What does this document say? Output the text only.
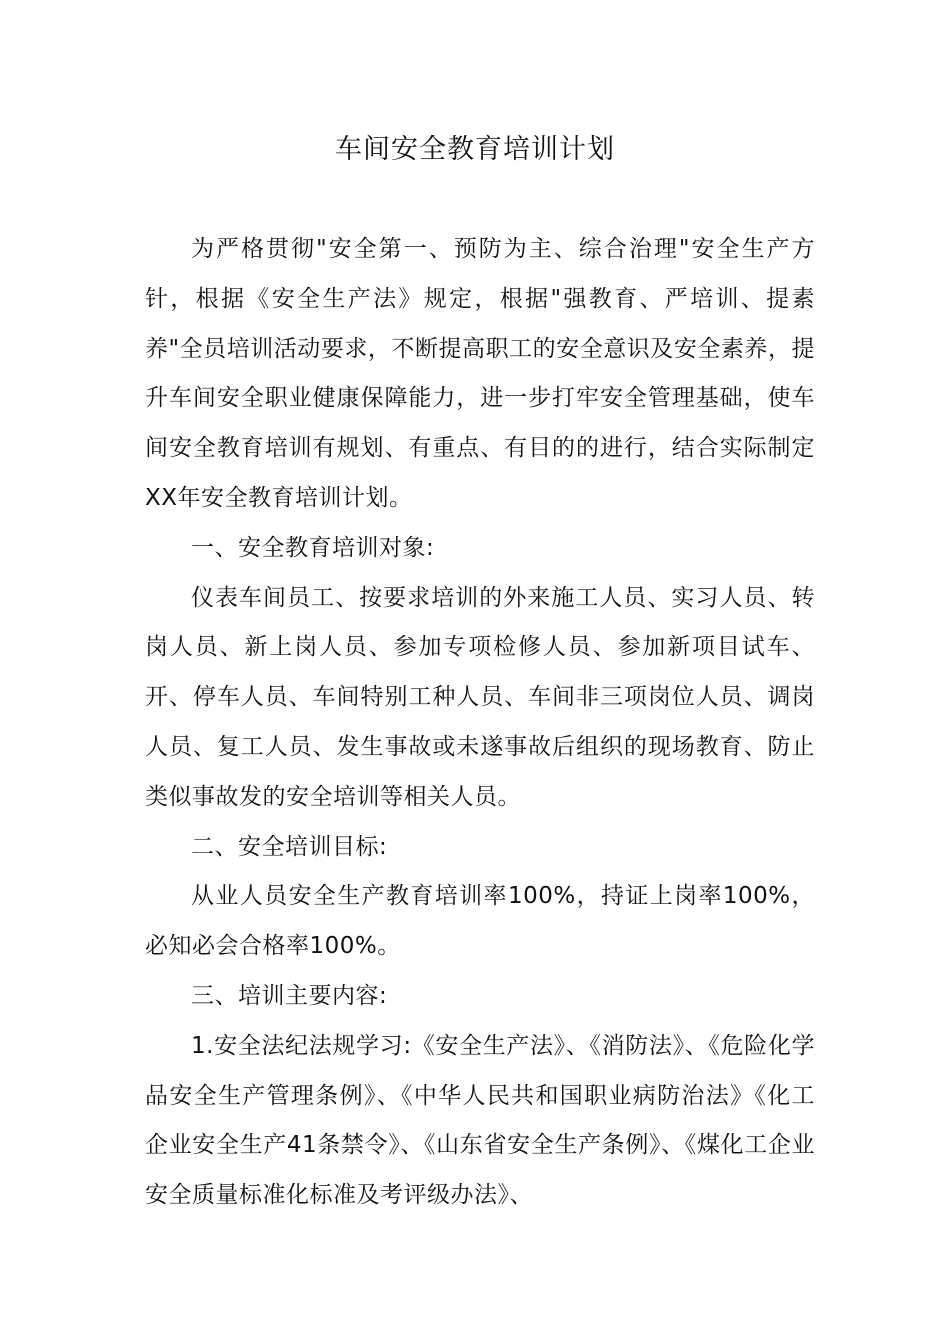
车间安全教育培训计划

为严格贯彻"安全第一、预防为主、综合治理"安全生产方针，根据《安全生产法》规定，根据"强教育、严培训、提素养"全员培训活动要求，不断提高职工的安全意识及安全素养，提升车间安全职业健康保障能力，进一步打牢安全管理基础，使车间安全教育培训有规划、有重点、有目的的进行，结合实际制定XX年安全教育培训计划。

一、安全教育培训对象:

仪表车间员工、按要求培训的外来施工人员、实习人员、转岗人员、新上岗人员、参加专项检修人员、参加新项目试车、开、停车人员、车间特别工种人员、车间非三项岗位人员、调岗人员、复工人员、发生事故或未遂事故后组织的现场教育、防止类似事故发的安全培训等相关人员。

二、安全培训目标:

从业人员安全生产教育培训率100%，持证上岗率100%，必知必会合格率100%。

三、培训主要内容:

1.安全法纪法规学习:《安全生产法》、《消防法》、《危险化学品安全生产管理条例》、《中华人民共和国职业病防治法》《化工企业安全生产41条禁令》、《山东省安全生产条例》、《煤化工企业安全质量标准化标准及考评级办法》、
